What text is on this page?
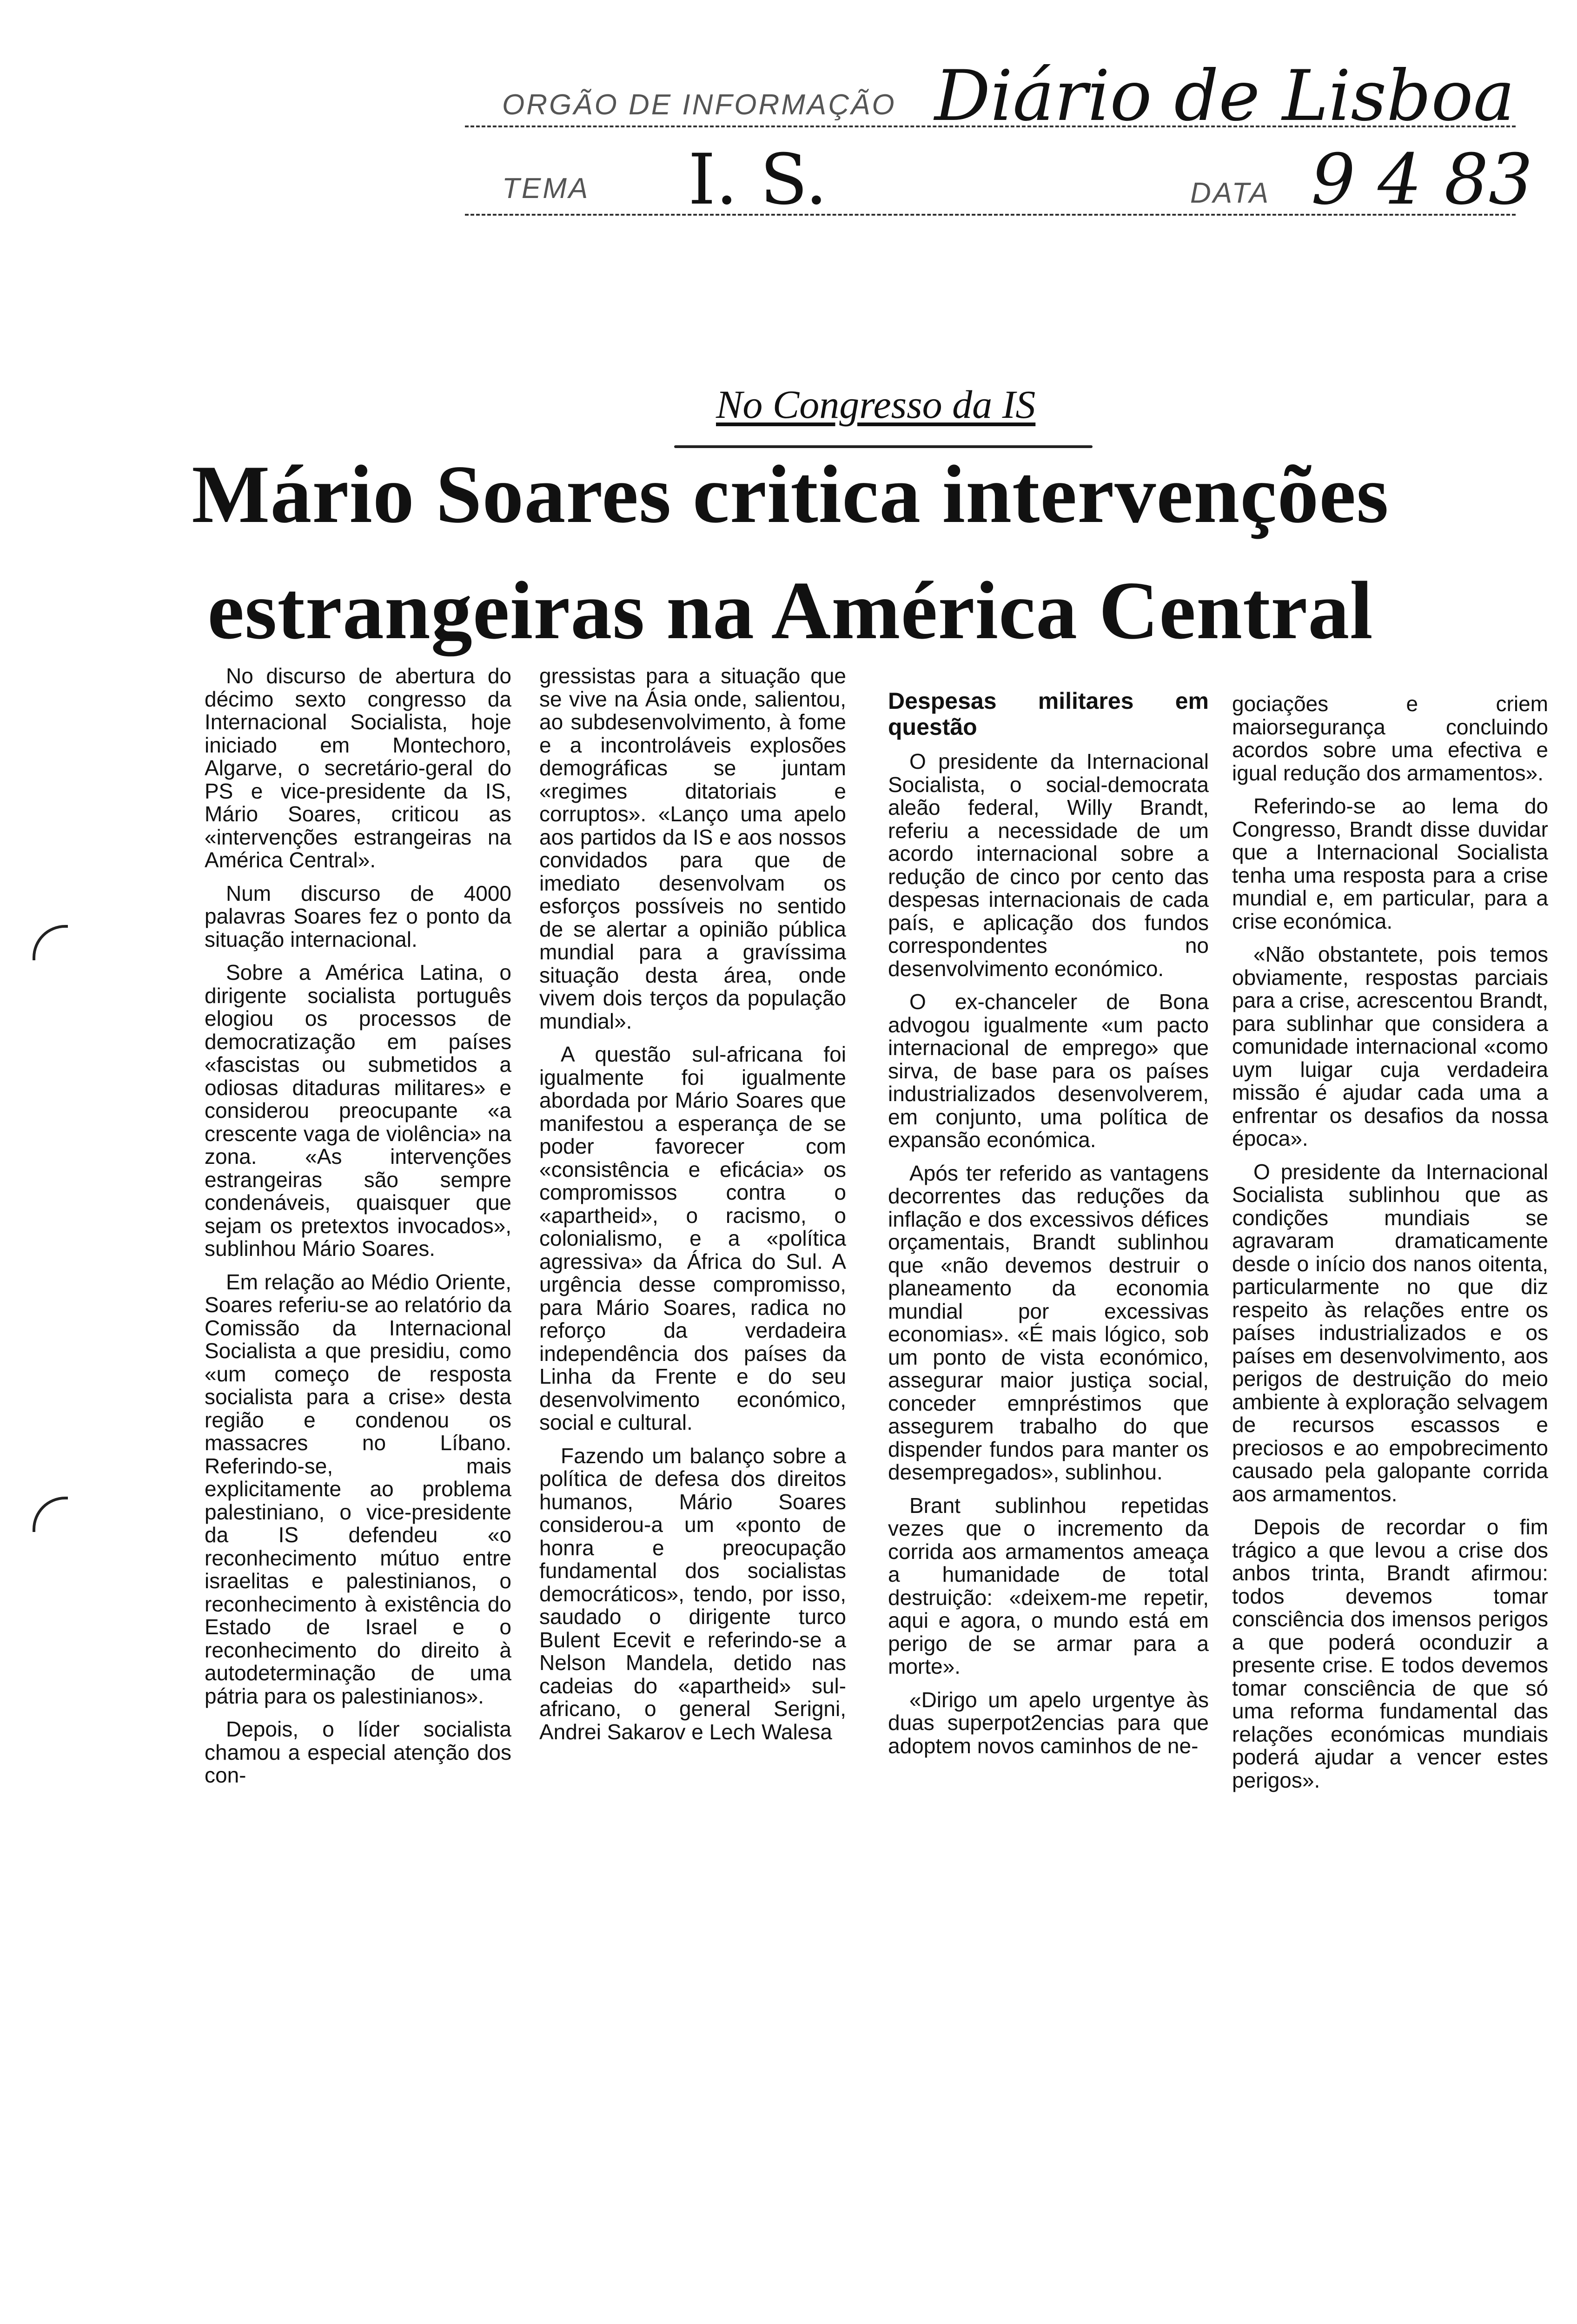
ORGÃO DE INFORMAÇÃO Diário de Lisboa
TEMA I. S.	DATA 9 4 83
No Congresso da IS
Mário Soares critica intervenções
estrangeiras na América Central

No discurso de abertura do décimo sexto congresso da Internacional Socialista, hoje iniciado em Montechoro, Algarve, o secretário-geral do PS e vice-presidente da IS, Mário Soares, criticou as «intervenções estrangeiras na América Central».

Num discurso de 4000 palavras Soares fez o ponto da situação internacional.

Sobre a América Latina, o dirigente socialista português elogiou os processos de democratização em países «fascistas ou submetidos a odiosas ditaduras militares» e considerou preocupante «a crescente vaga de violência» na zona. «As intervenções estrangeiras são sempre condenáveis, quaisquer que sejam os pretextos invocados», sublinhou Mário Soares.

Em relação ao Médio Oriente, Soares referiu-se ao relatório da Comissão da Internacional Socialista a que presidiu, como «um começo de resposta socialista para a crise» desta região e condenou os massacres no Líbano. Referindo-se, mais explicitamente ao problema palestiniano, o vice-presidente da IS defendeu «o reconhecimento mútuo entre israelitas e palestinianos, o reconhecimento à existência do Estado de Israel e o reconhecimento do direito à autodeterminação de uma pátria para os palestinianos».

Depois, o líder socialista chamou a especial atenção dos con-

gressistas para a situação que se vive na Ásia onde, salientou, ao subdesenvolvimento, à fome e a incontroláveis explosões demográficas se juntam «regimes ditatoriais e corruptos». «Lanço uma apelo aos partidos da IS e aos nossos convidados para que de imediato desenvolvam os esforços possíveis no sentido de se alertar a opinião pública mundial para a gravíssima situação desta área, onde vivem dois terços da população mundial».

A questão sul-africana foi igualmente foi igualmente abordada por Mário Soares que manifestou a esperança de se poder favorecer com «consistência e eficácia» os compromissos contra o «apartheid», o racismo, o colonialismo, e a «política agressiva» da África do Sul. A urgência desse compromisso, para Mário Soares, radica no reforço da verdadeira independência dos países da Linha da Frente e do seu desenvolvimento económico, social e cultural.

Fazendo um balanço sobre a política de defesa dos direitos humanos, Mário Soares considerou-a um «ponto de honra e preocupação fundamental dos socialistas democráticos», tendo, por isso, saudado o dirigente turco Bulent Ecevit e referindo-se a Nelson Mandela, detido nas cadeias do «apartheid» sul-africano, o general Serigni, Andrei Sakarov e Lech Walesa

Despesas militares em questão

O presidente da Internacional Socialista, o social-democrata aleão federal, Willy Brandt, referiu a necessidade de um acordo internacional sobre a redução de cinco por cento das despesas internacionais de cada país, e aplicação dos fundos correspondentes no desenvolvimento económico.

O ex-chanceler de Bona advogou igualmente «um pacto internacional de emprego» que sirva, de base para os países industrializados desenvolverem, em conjunto, uma política de expansão económica.

Após ter referido as vantagens decorrentes das reduções da inflação e dos excessivos défices orçamentais, Brandt sublinhou que «não devemos destruir o planeamento da economia mundial por excessivas economias». «É mais lógico, sob um ponto de vista económico, assegurar maior justiça social, conceder emnpréstimos que assegurem trabalho do que dispender fundos para manter os desempregados», sublinhou.

Brant sublinhou repetidas vezes que o incremento da corrida aos armamentos ameaça a humanidade de total destruição: «deixem-me repetir, aqui e agora, o mundo está em perigo de se armar para a morte».

«Dirigo um apelo urgentye às duas superpot2encias para que adoptem novos caminhos de ne-

gociações e criem maiorsegurança concluindo acordos sobre uma efectiva e igual redução dos armamentos».

Referindo-se ao lema do Congresso, Brandt disse duvidar que a Internacional Socialista tenha uma resposta para a crise mundial e, em particular, para a crise económica.

«Não obstantete, pois temos obviamente, respostas parciais para a crise, acrescentou Brandt, para sublinhar que considera a comunidade internacional «como uym luigar cuja verdadeira missão é ajudar cada uma a enfrentar os desafios da nossa época».

O presidente da Internacional Socialista sublinhou que as condições mundiais se agravaram dramaticamente desde o início dos nanos oitenta, particularmente no que diz respeito às relações entre os países industrializados e os países em desenvolvimento, aos perigos de destruição do meio ambiente à exploração selvagem de recursos escassos e preciosos e ao empobrecimento causado pela galopante corrida aos armamentos.

Depois de recordar o fim trágico a que levou a crise dos anbos trinta, Brandt afirmou: todos devemos tomar consciência dos imensos perigos a que poderá oconduzir a presente crise. E todos devemos tomar consciência de que só uma reforma fundamental das relações económicas mundiais poderá ajudar a vencer estes perigos».
